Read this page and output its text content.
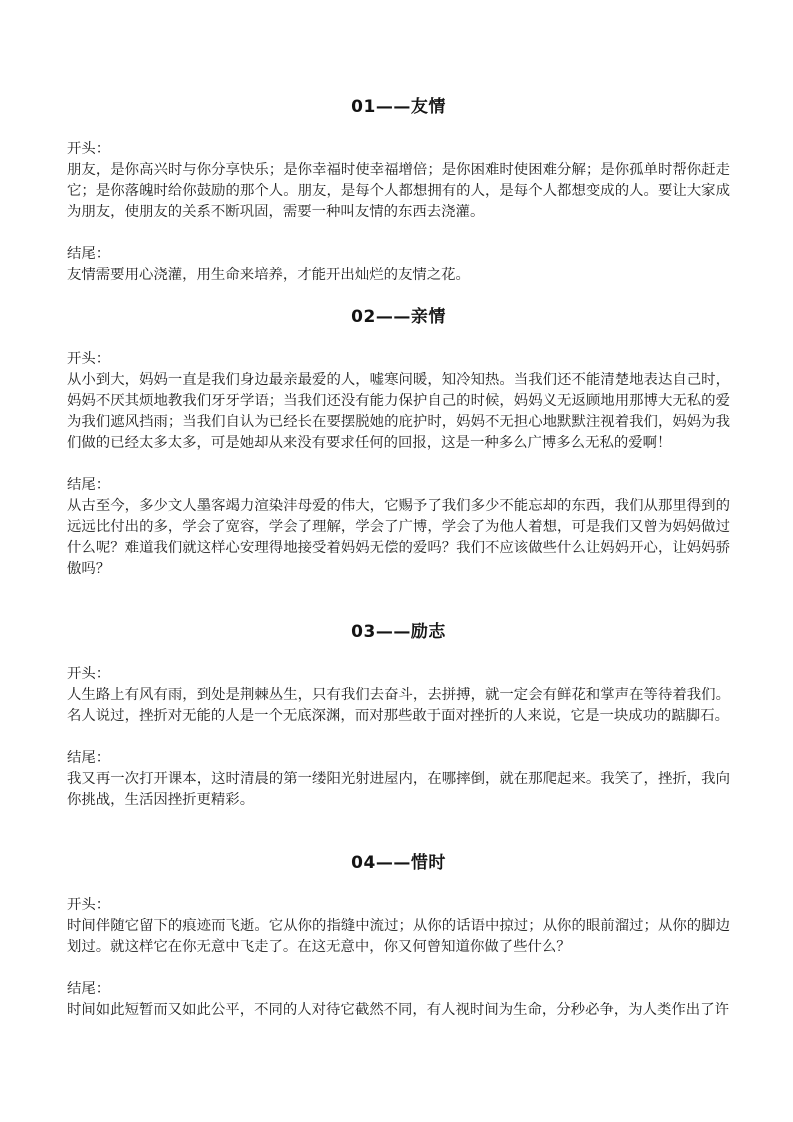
01——友情

开头：

朋友，是你高兴时与你分享快乐；是你幸福时使幸福增倍；是你困难时使困难分解；是你孤单时帮你赶走它；是你落魄时给你鼓励的那个人。朋友，是每个人都想拥有的人，是每个人都想变成的人。要让大家成为朋友，使朋友的关系不断巩固，需要一种叫友情的东西去浇灌。

结尾：

友情需要用心浇灌，用生命来培养，才能开出灿烂的友情之花。

02——亲情

开头：

从小到大，妈妈一直是我们身边最亲最爱的人，嘘寒问暖，知冷知热。当我们还不能清楚地表达自己时，妈妈不厌其烦地教我们牙牙学语；当我们还没有能力保护自己的时候，妈妈义无返顾地用那博大无私的爱为我们遮风挡雨；当我们自认为已经长在要摆脱她的庇护时，妈妈不无担心地默默注视着我们，妈妈为我们做的已经太多太多，可是她却从来没有要求任何的回报，这是一种多么广博多么无私的爱啊！

结尾：

从古至今，多少文人墨客竭力渲染沣母爱的伟大，它赐予了我们多少不能忘却的东西，我们从那里得到的远远比付出的多，学会了宽容，学会了理解，学会了广博，学会了为他人着想，可是我们又曾为妈妈做过什么呢？难道我们就这样心安理得地接受着妈妈无偿的爱吗？我们不应该做些什么让妈妈开心，让妈妈骄傲吗？

03——励志

开头：

人生路上有风有雨，到处是荆棘丛生，只有我们去奋斗，去拼搏，就一定会有鲜花和掌声在等待着我们。名人说过，挫折对无能的人是一个无底深渊，而对那些敢于面对挫折的人来说，它是一块成功的踮脚石。

结尾：

我又再一次打开课本，这时清晨的第一缕阳光射进屋内，在哪摔倒，就在那爬起来。我笑了，挫折，我向你挑战，生活因挫折更精彩。

04——惜时

开头：

时间伴随它留下的痕迹而飞逝。它从你的指缝中流过；从你的话语中掠过；从你的眼前溜过；从你的脚边划过。就这样它在你无意中飞走了。在这无意中，你又何曾知道你做了些什么？

结尾：

时间如此短暂而又如此公平，不同的人对待它截然不同，有人视时间为生命，分秒必争，为人类作出了许
